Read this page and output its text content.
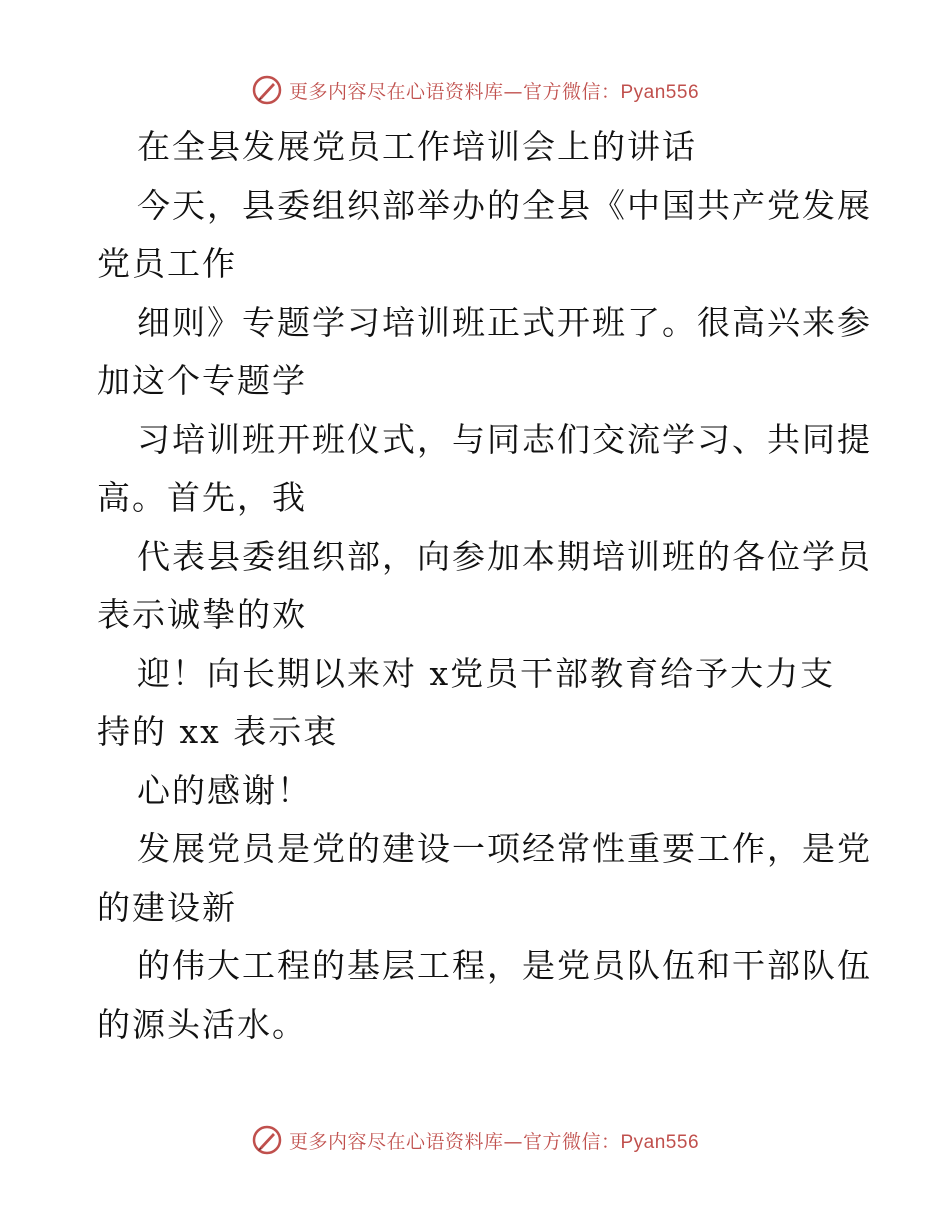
更多内容尽在心语资料库—官方微信：Pyan556
在全县发展党员工作培训会上的讲话
今天，县委组织部举办的全县《中国共产党发展
党员工作
细则》专题学习培训班正式开班了。很高兴来参
加这个专题学
习培训班开班仪式，与同志们交流学习、共同提
高。首先，我
代表县委组织部，向参加本期培训班的各位学员
表示诚挚的欢
迎！向长期以来对 x党员干部教育给予大力支
持的 xx 表示衷
心的感谢！
发展党员是党的建设一项经常性重要工作，是党
的建设新
的伟大工程的基层工程，是党员队伍和干部队伍
的源头活水。
更多内容尽在心语资料库—官方微信：Pyan556
